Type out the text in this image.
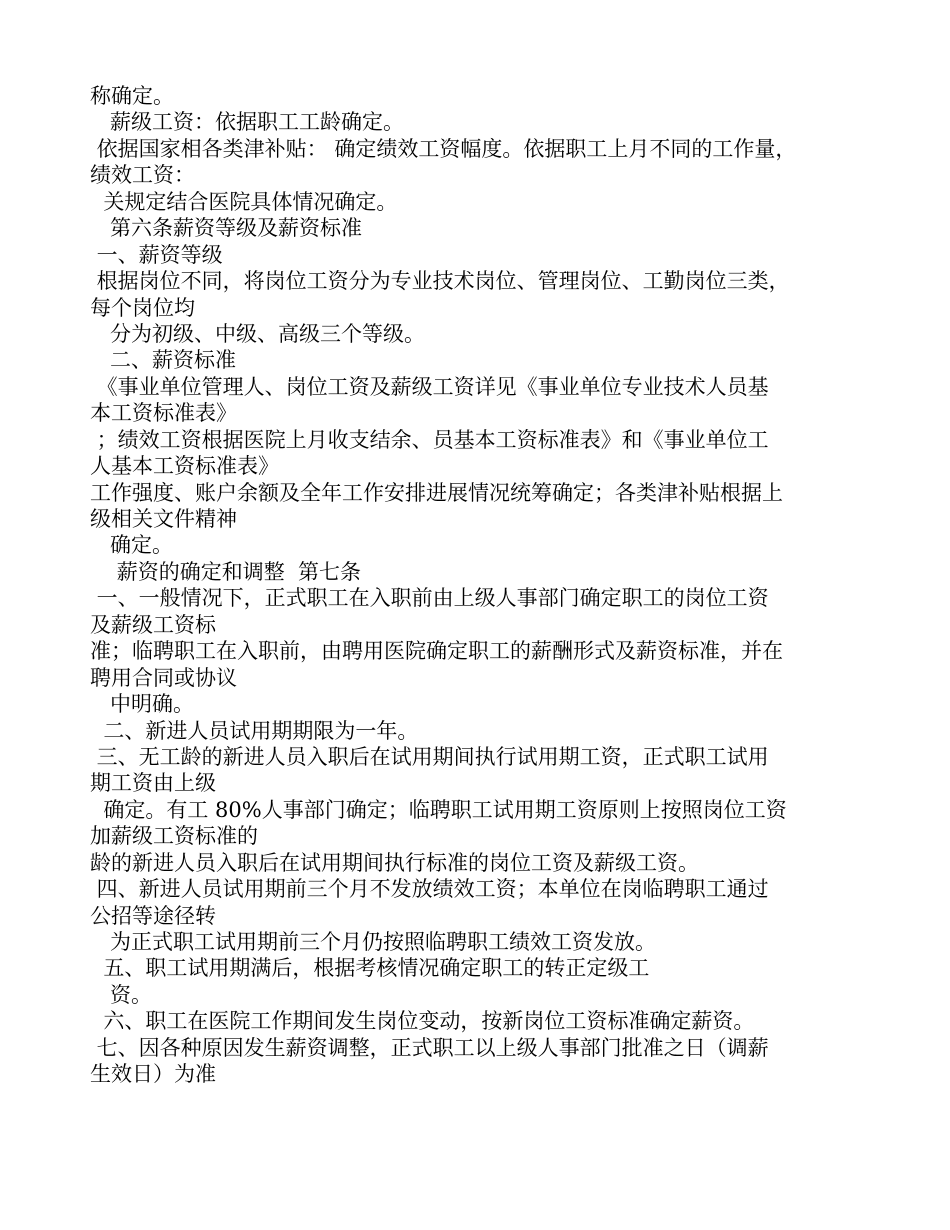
称确定。
薪级工资：依据职工工龄确定。
依据国家相各类津补贴： 确定绩效工资幅度。依据职工上月不同的工作量，
绩效工资：
关规定结合医院具体情况确定。
第六条薪资等级及薪资标准
一、薪资等级
根据岗位不同，将岗位工资分为专业技术岗位、管理岗位、工勤岗位三类，
每个岗位均
分为初级、中级、高级三个等级。
二、薪资标准
《事业单位管理人、岗位工资及薪级工资详见《事业单位专业技术人员基
本工资标准表》
；绩效工资根据医院上月收支结余、员基本工资标准表》和《事业单位工
人基本工资标准表》
工作强度、账户余额及全年工作安排进展情况统筹确定；各类津补贴根据上
级相关文件精神
确定。
薪资的确定和调整  第七条
一、一般情况下，正式职工在入职前由上级人事部门确定职工的岗位工资
及薪级工资标
准；临聘职工在入职前，由聘用医院确定职工的薪酬形式及薪资标准，并在
聘用合同或协议
中明确。
二、新进人员试用期期限为一年。
三、无工龄的新进人员入职后在试用期间执行试用期工资，正式职工试用
期工资由上级
确定。有工 80%人事部门确定；临聘职工试用期工资原则上按照岗位工资
加薪级工资标准的
龄的新进人员入职后在试用期间执行标准的岗位工资及薪级工资。
四、新进人员试用期前三个月不发放绩效工资；本单位在岗临聘职工通过
公招等途径转
为正式职工试用期前三个月仍按照临聘职工绩效工资发放。
五、职工试用期满后，根据考核情况确定职工的转正定级工
资。
六、职工在医院工作期间发生岗位变动，按新岗位工资标准确定薪资。
七、因各种原因发生薪资调整，正式职工以上级人事部门批准之日（调薪
生效日）为准
